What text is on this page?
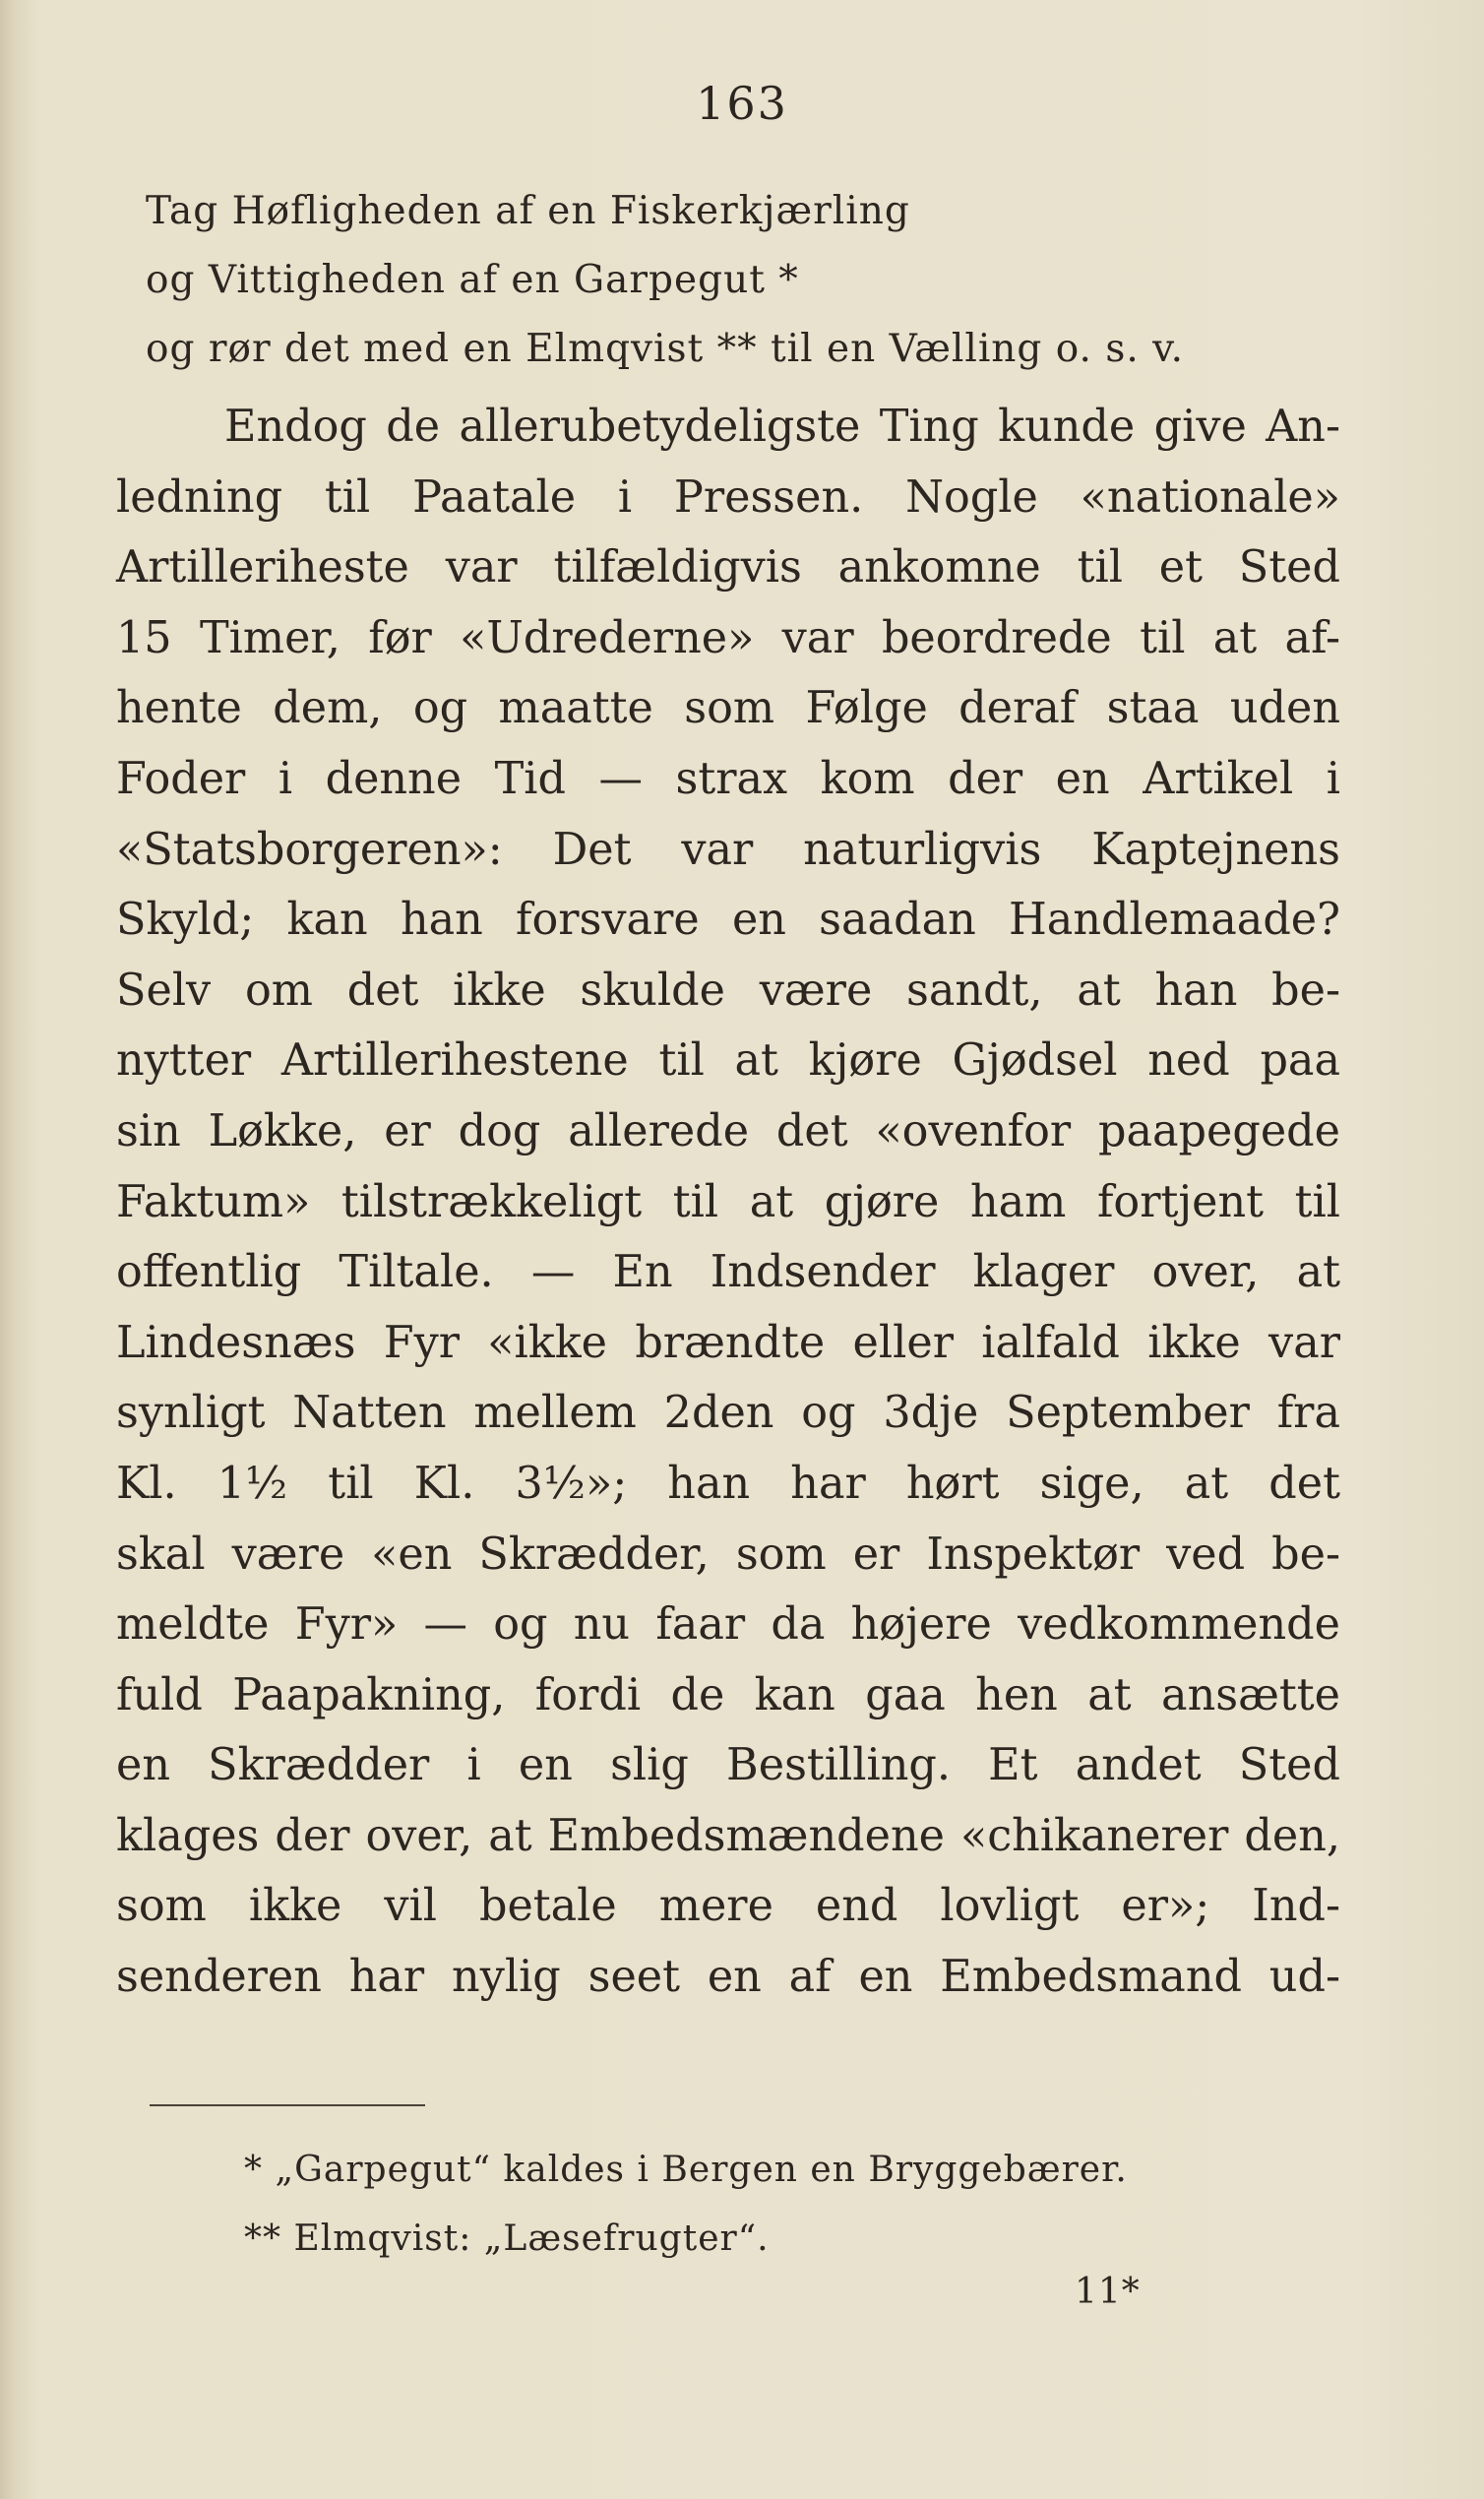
163
Tag Høfligheden af en Fiskerkjærling
og Vittigheden af en Garpegut *
og rør det med en Elmqvist ** til en Vælling o. s. v.
Endog de allerubetydeligste Ting kunde give An-
ledning til Paatale i Pressen. Nogle «nationale»
Artilleriheste var tilfældigvis ankomne til et Sted
15 Timer, før «Udrederne» var beordrede til at af-
hente dem, og maatte som Følge deraf staa uden
Foder i denne Tid — strax kom der en Artikel i
«Statsborgeren»: Det var naturligvis Kaptejnens
Skyld; kan han forsvare en saadan Handlemaade?
Selv om det ikke skulde være sandt, at han be-
nytter Artillerihestene til at kjøre Gjødsel ned paa
sin Løkke, er dog allerede det «ovenfor paapegede
Faktum» tilstrækkeligt til at gjøre ham fortjent til
offentlig Tiltale. — En Indsender klager over, at
Lindesnæs Fyr «ikke brændte eller ialfald ikke var
synligt Natten mellem 2den og 3dje September fra
Kl. 1½ til Kl. 3½»; han har hørt sige, at det
skal være «en Skrædder, som er Inspektør ved be-
meldte Fyr» — og nu faar da højere vedkommende
fuld Paapakning, fordi de kan gaa hen at ansætte
en Skrædder i en slig Bestilling. Et andet Sted
klages der over, at Embedsmændene «chikanerer den,
som ikke vil betale mere end lovligt er»; Ind-
senderen har nylig seet en af en Embedsmand ud-
* „Garpegut“ kaldes i Bergen en Bryggebærer.
** Elmqvist: „Læsefrugter“.
11*
